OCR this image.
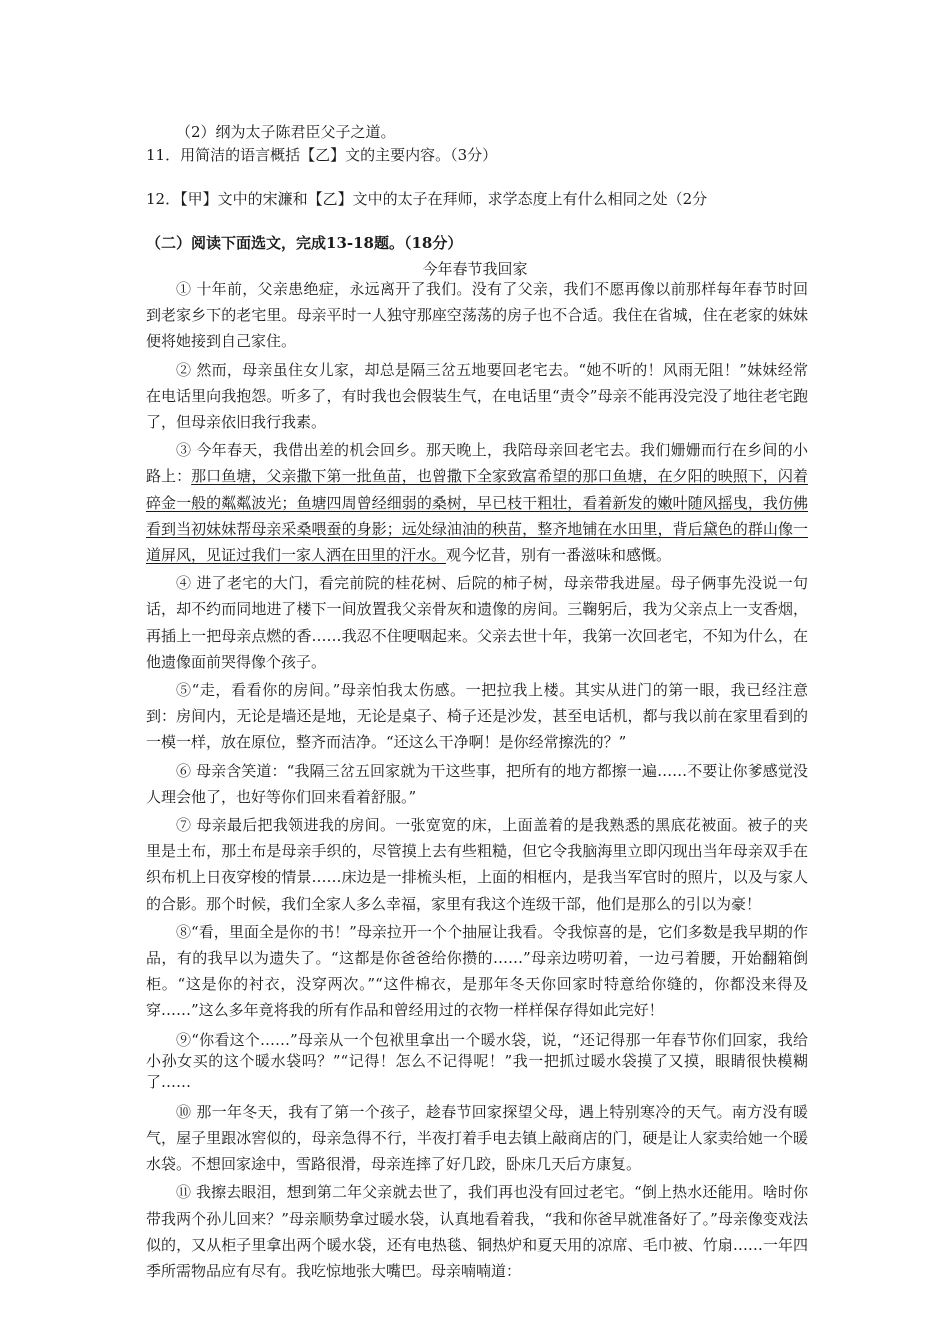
（2）纲为太子陈君臣父子之道。
11．用简洁的语言概括【乙】文的主要内容。（3分）
12．【甲】文中的宋濂和【乙】文中的太子在拜师，求学态度上有什么相同之处（2分
（二）阅读下面选文，完成13-18题。（18分）
今年春节我回家

① 十年前，父亲患绝症，永远离开了我们。没有了父亲，我们不愿再像以前那样每年春节时回到老家乡下的老宅里。母亲平时一人独守那座空荡荡的房子也不合适。我住在省城，住在老家的妹妹便将她接到自己家住。

② 然而，母亲虽住女儿家，却总是隔三岔五地要回老宅去。“她不听的！风雨无阻！”妹妹经常在电话里向我抱怨。听多了，有时我也会假装生气，在电话里“责令”母亲不能再没完没了地往老宅跑了，但母亲依旧我行我素。

③ 今年春天，我借出差的机会回乡。那天晚上，我陪母亲回老宅去。我们姗姗而行在乡间的小路上：那口鱼塘，父亲撒下第一批鱼苗，也曾撒下全家致富希望的那口鱼塘，在夕阳的映照下，闪着碎金一般的粼粼波光；鱼塘四周曾经细弱的桑树，早已枝干粗壮，看着新发的嫩叶随风摇曳，我仿佛看到当初妹妹帮母亲采桑喂蚕的身影；远处绿油油的秧苗，整齐地铺在水田里，背后黛色的群山像一道屏风，见证过我们一家人洒在田里的汗水。观今忆昔，别有一番滋味和感慨。

④ 进了老宅的大门，看完前院的桂花树、后院的柿子树，母亲带我进屋。母子俩事先没说一句话，却不约而同地进了楼下一间放置我父亲骨灰和遗像的房间。三鞠躬后，我为父亲点上一支香烟，再插上一把母亲点燃的香……我忍不住哽咽起来。父亲去世十年，我第一次回老宅，不知为什么，在他遗像面前哭得像个孩子。

⑤“走，看看你的房间。”母亲怕我太伤感。一把拉我上楼。其实从进门的第一眼，我已经注意到：房间内，无论是墙还是地，无论是桌子、椅子还是沙发，甚至电话机，都与我以前在家里看到的一模一样，放在原位，整齐而洁净。“还这么干净啊！是你经常擦洗的？”

⑥ 母亲含笑道：“我隔三岔五回家就为干这些事，把所有的地方都擦一遍……不要让你爹感觉没人理会他了，也好等你们回来看着舒服。”

⑦ 母亲最后把我领进我的房间。一张宽宽的床，上面盖着的是我熟悉的黑底花被面。被子的夹里是土布，那土布是母亲手织的，尽管摸上去有些粗糙，但它令我脑海里立即闪现出当年母亲双手在织布机上日夜穿梭的情景……床边是一排梳头柜，上面的相框内，是我当军官时的照片，以及与家人的合影。那个时候，我们全家人多么幸福，家里有我这个连级干部，他们是那么的引以为豪！

⑧“看，里面全是你的书！”母亲拉开一个个抽屉让我看。令我惊喜的是，它们多数是我早期的作品，有的我早以为遗失了。“这都是你爸爸给你攒的……”母亲边唠叨着，一边弓着腰，开始翻箱倒柜。“这是你的衬衣，没穿两次。”“这件棉衣，是那年冬天你回家时特意给你缝的，你都没来得及穿……”这么多年竟将我的所有作品和曾经用过的衣物一样样保存得如此完好！

⑨“你看这个……”母亲从一个包袱里拿出一个暖水袋，说，“还记得那一年春节你们回家，我给小孙女买的这个暖水袋吗？”“记得！怎么不记得呢！”我一把抓过暖水袋摸了又摸，眼睛很快模糊了……

⑩ 那一年冬天，我有了第一个孩子，趁春节回家探望父母，遇上特别寒冷的天气。南方没有暖气，屋子里跟冰窖似的，母亲急得不行，半夜打着手电去镇上敲商店的门，硬是让人家卖给她一个暖水袋。不想回家途中，雪路很滑，母亲连摔了好几跤，卧床几天后方康复。

⑪ 我擦去眼泪，想到第二年父亲就去世了，我们再也没有回过老宅。“倒上热水还能用。啥时你带我两个孙儿回来？”母亲顺势拿过暖水袋，认真地看着我，“我和你爸早就准备好了。”母亲像变戏法似的，又从柜子里拿出两个暖水袋，还有电热毯、铜热炉和夏天用的凉席、毛巾被、竹扇……一年四季所需物品应有尽有。我吃惊地张大嘴巴。母亲喃喃道：
